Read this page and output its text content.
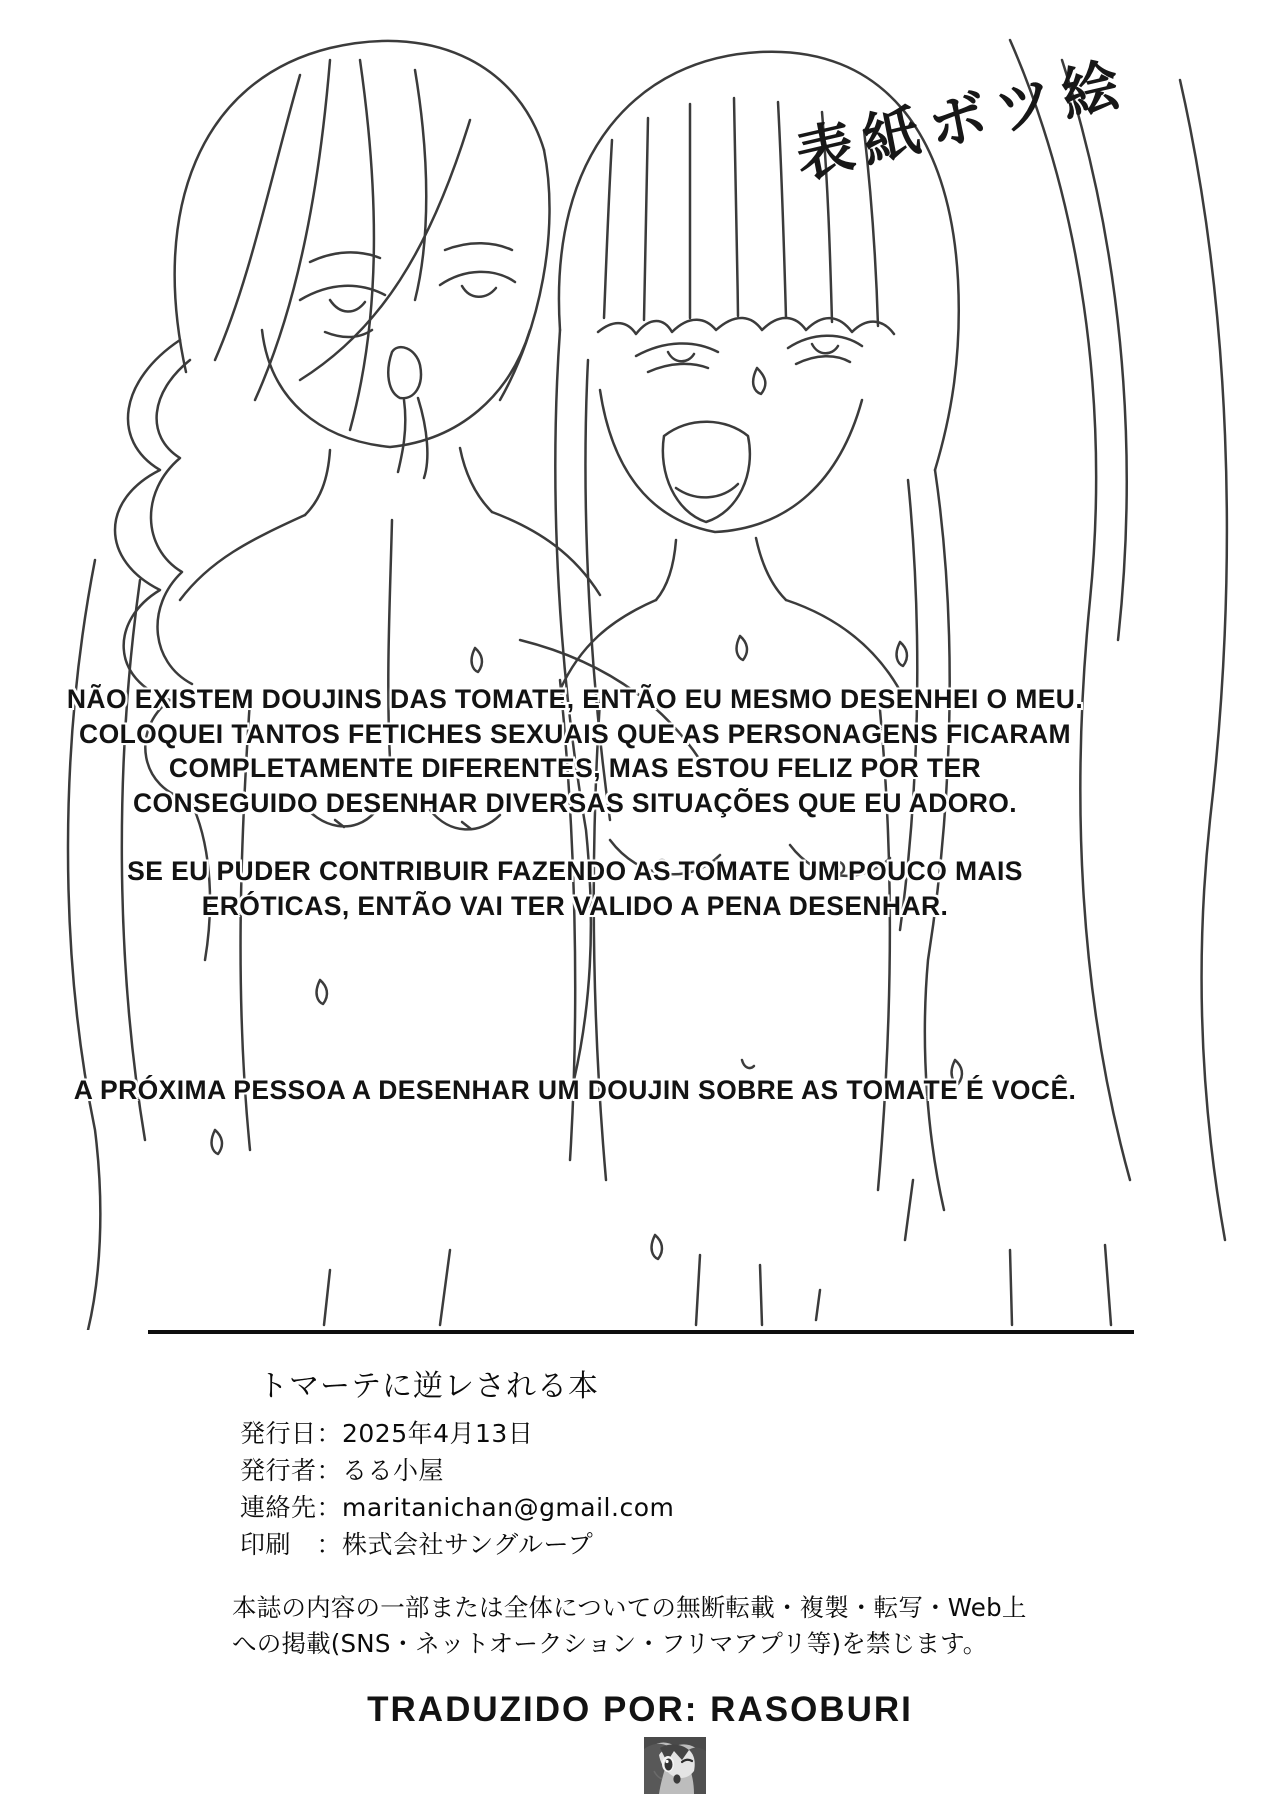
表紙ボツ絵
NÃO EXISTEM DOUJINS DAS TOMATE, ENTÃO EU MESMO DESENHEI O MEU.
COLOQUEI TANTOS FETICHES SEXUAIS QUE AS PERSONAGENS FICARAM
COMPLETAMENTE DIFERENTES, MAS ESTOU FELIZ POR TER
CONSEGUIDO DESENHAR DIVERSAS SITUAÇÕES QUE EU ADORO.
SE EU PUDER CONTRIBUIR FAZENDO AS TOMATE UM POUCO MAIS
ERÓTICAS, ENTÃO VAI TER VALIDO A PENA DESENHAR.
A PRÓXIMA PESSOA A DESENHAR UM DOUJIN SOBRE AS TOMATE É VOCÊ.
トマーテに逆レされる本
発行日：2025年4月13日
発行者：るる小屋
連絡先：maritanichan@gmail.com
印刷　：株式会社サングループ
本誌の内容の一部または全体についての無断転載・複製・転写・Web上
への掲載(SNS・ネットオークション・フリマアプリ等)を禁じます。
TRADUZIDO POR: RASOBURI
